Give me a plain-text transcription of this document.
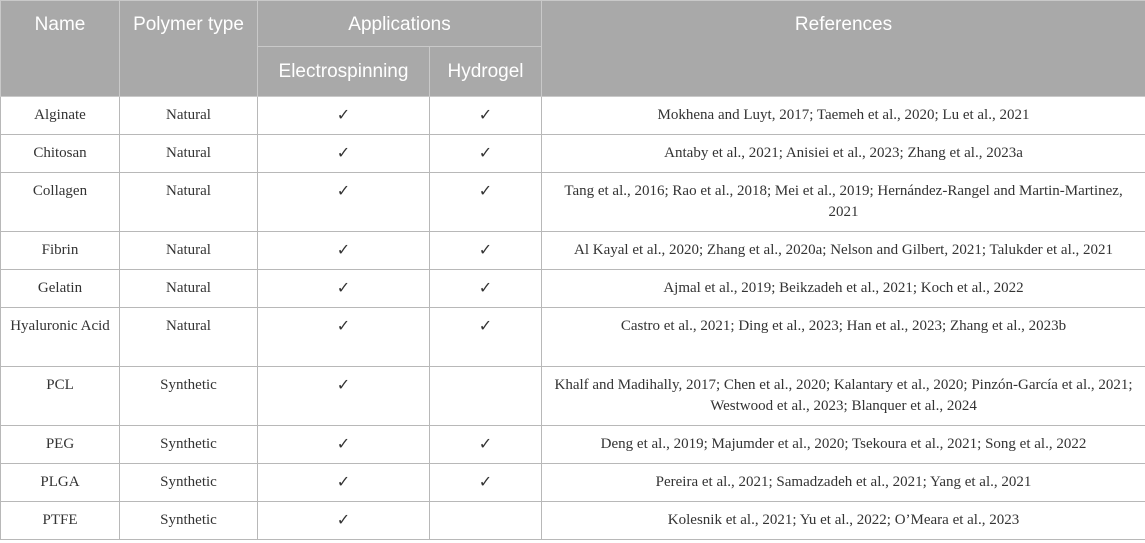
Name	Polymer type	Applications		References
		Electrospinning	Hydrogel	
Alginate	Natural	✓	✓	Mokhena and Luyt, 2017; Taemeh et al., 2020; Lu et al., 2021
Chitosan	Natural	✓	✓	Antaby et al., 2021; Anisiei et al., 2023; Zhang et al., 2023a
Collagen	Natural	✓	✓	Tang et al., 2016; Rao et al., 2018; Mei et al., 2019; Hernández-Rangel and Martin-Martinez, 2021
Fibrin	Natural	✓	✓	Al Kayal et al., 2020; Zhang et al., 2020a; Nelson and Gilbert, 2021; Talukder et al., 2021
Gelatin	Natural	✓	✓	Ajmal et al., 2019; Beikzadeh et al., 2021; Koch et al., 2022
Hyaluronic Acid	Natural	✓	✓	Castro et al., 2021; Ding et al., 2023; Han et al., 2023; Zhang et al., 2023b
PCL	Synthetic	✓		Khalf and Madihally, 2017; Chen et al., 2020; Kalantary et al., 2020; Pinzón-García et al., 2021; Westwood et al., 2023; Blanquer et al., 2024
PEG	Synthetic	✓	✓	Deng et al., 2019; Majumder et al., 2020; Tsekoura et al., 2021; Song et al., 2022
PLGA	Synthetic	✓	✓	Pereira et al., 2021; Samadzadeh et al., 2021; Yang et al., 2021
PTFE	Synthetic	✓		Kolesnik et al., 2021; Yu et al., 2022; O’Meara et al., 2023
